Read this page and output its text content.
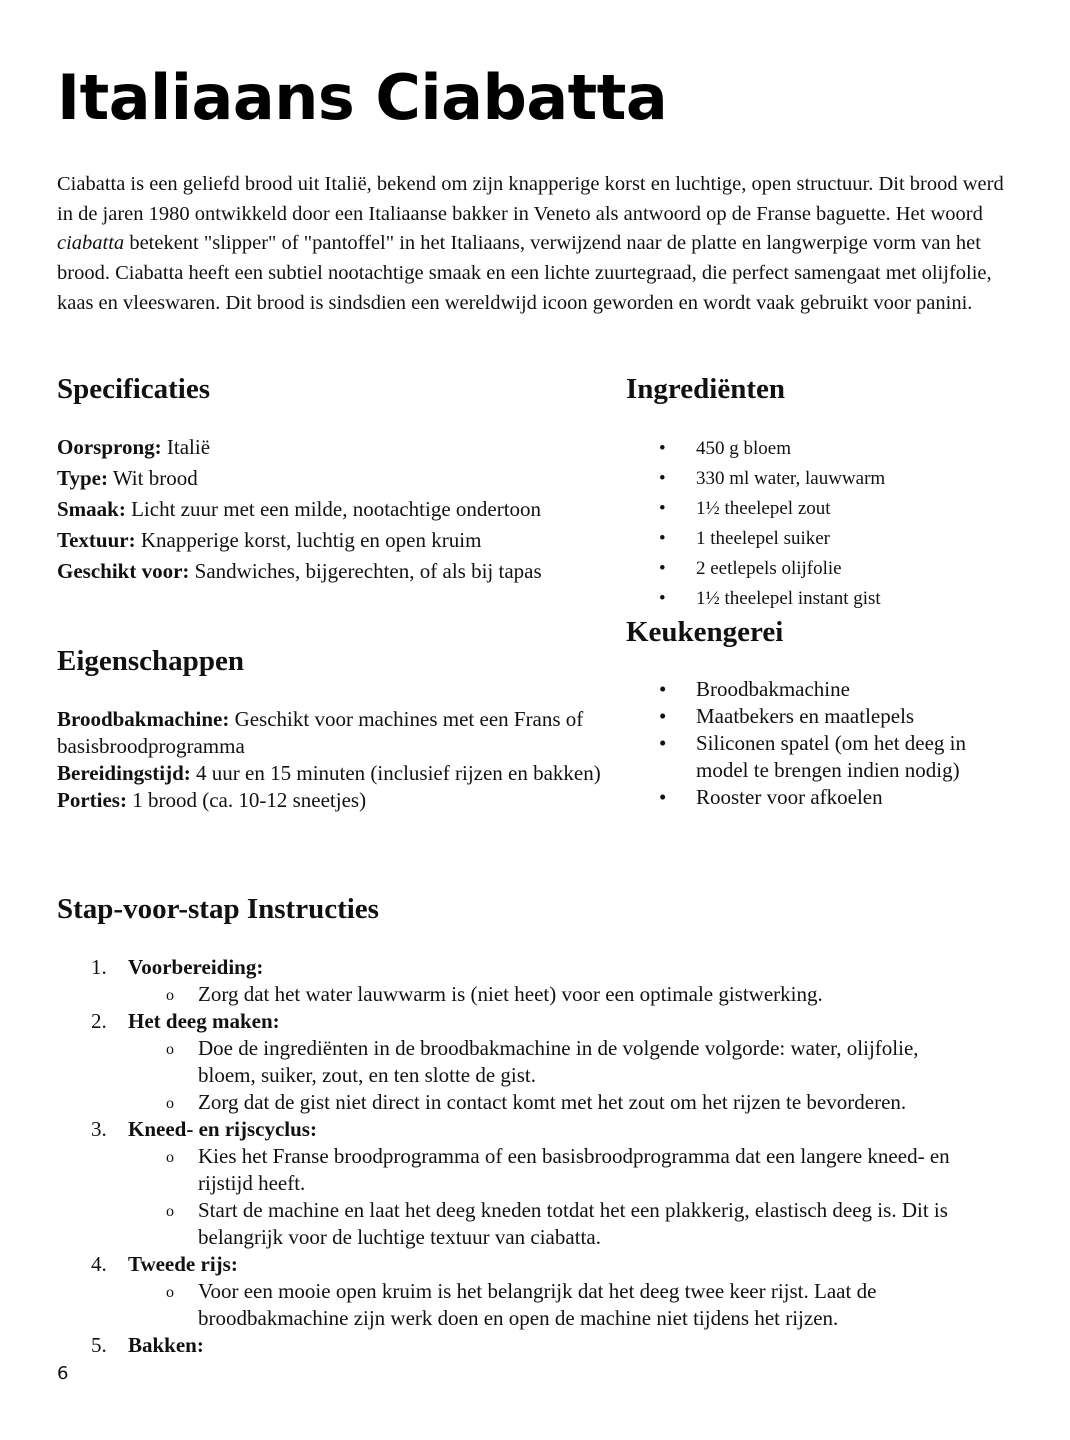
Italiaans Ciabatta

Ciabatta is een geliefd brood uit Italië, bekend om zijn knapperige korst en luchtige, open structuur. Dit brood werd in de jaren 1980 ontwikkeld door een Italiaanse bakker in Veneto als antwoord op de Franse baguette. Het woord ciabatta betekent "slipper" of "pantoffel" in het Italiaans, verwijzend naar de platte en langwerpige vorm van het brood. Ciabatta heeft een subtiel nootachtige smaak en een lichte zuurtegraad, die perfect samengaat met olijfolie, kaas en vleeswaren. Dit brood is sindsdien een wereldwijd icoon geworden en wordt vaak gebruikt voor panini.

Specificaties

Oorsprong: Italië

Type: Wit brood

Smaak: Licht zuur met een milde, nootachtige ondertoon

Textuur: Knapperige korst, luchtig en open kruim

Geschikt voor: Sandwiches, bijgerechten, of als bij tapas

Eigenschappen

Broodbakmachine: Geschikt voor machines met een Frans of basisbroodprogramma

Bereidingstijd: 4 uur en 15 minuten (inclusief rijzen en bakken)

Porties: 1 brood (ca. 10-12 sneetjes)

Ingrediënten
• 450 g bloem
• 330 ml water, lauwwarm
• 1½ theelepel zout
• 1 theelepel suiker
• 2 eetlepels olijfolie
• 1½ theelepel instant gist
Keukengerei
• Broodbakmachine
• Maatbekers en maatlepels
• Siliconen spatel (om het deeg in model te brengen indien nodig)
• Rooster voor afkoelen
Stap-voor-stap Instructies
1. Voorbereiding:
o Zorg dat het water lauwwarm is (niet heet) voor een optimale gistwerking.
2. Het deeg maken:
o Doe de ingrediënten in de broodbakmachine in de volgende volgorde: water, olijfolie, bloem, suiker, zout, en ten slotte de gist.
o Zorg dat de gist niet direct in contact komt met het zout om het rijzen te bevorderen.
3. Kneed- en rijscyclus:
o Kies het Franse broodprogramma of een basisbroodprogramma dat een langere kneed- en rijstijd heeft.
o Start de machine en laat het deeg kneden totdat het een plakkerig, elastisch deeg is. Dit is belangrijk voor de luchtige textuur van ciabatta.
4. Tweede rijs:
o Voor een mooie open kruim is het belangrijk dat het deeg twee keer rijst. Laat de broodbakmachine zijn werk doen en open de machine niet tijdens het rijzen.
5. Bakken:
6
